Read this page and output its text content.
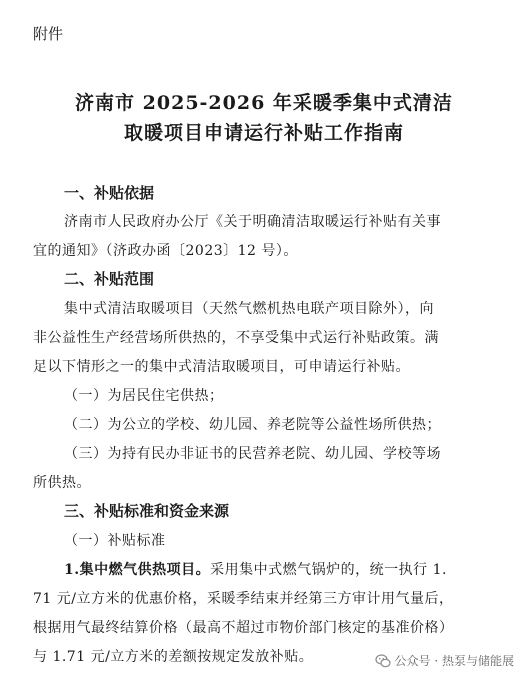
附件
济南市 2025-2026 年采暖季集中式清洁
取暖项目申请运行补贴工作指南
一、补贴依据
济南市人民政府办公厅《关于明确清洁取暖运行补贴有关事
宜的通知》（济政办函〔2023〕12 号）。
二、补贴范围
集中式清洁取暖项目（天然气燃机热电联产项目除外），向
非公益性生产经营场所供热的，不享受集中式运行补贴政策。满
足以下情形之一的集中式清洁取暖项目，可申请运行补贴。
（一）为居民住宅供热；
（二）为公立的学校、幼儿园、养老院等公益性场所供热；
（三）为持有民办非证书的民营养老院、幼儿园、学校等场
所供热。
三、补贴标准和资金来源
（一）补贴标准
1.集中燃气供热项目。采用集中式燃气锅炉的，统一执行 1.
71 元/立方米的优惠价格，采暖季结束并经第三方审计用气量后，
根据用气最终结算价格（最高不超过市物价部门核定的基准价格）
与 1.71 元/立方米的差额按规定发放补贴。	公众号 · 热泵与储能展
